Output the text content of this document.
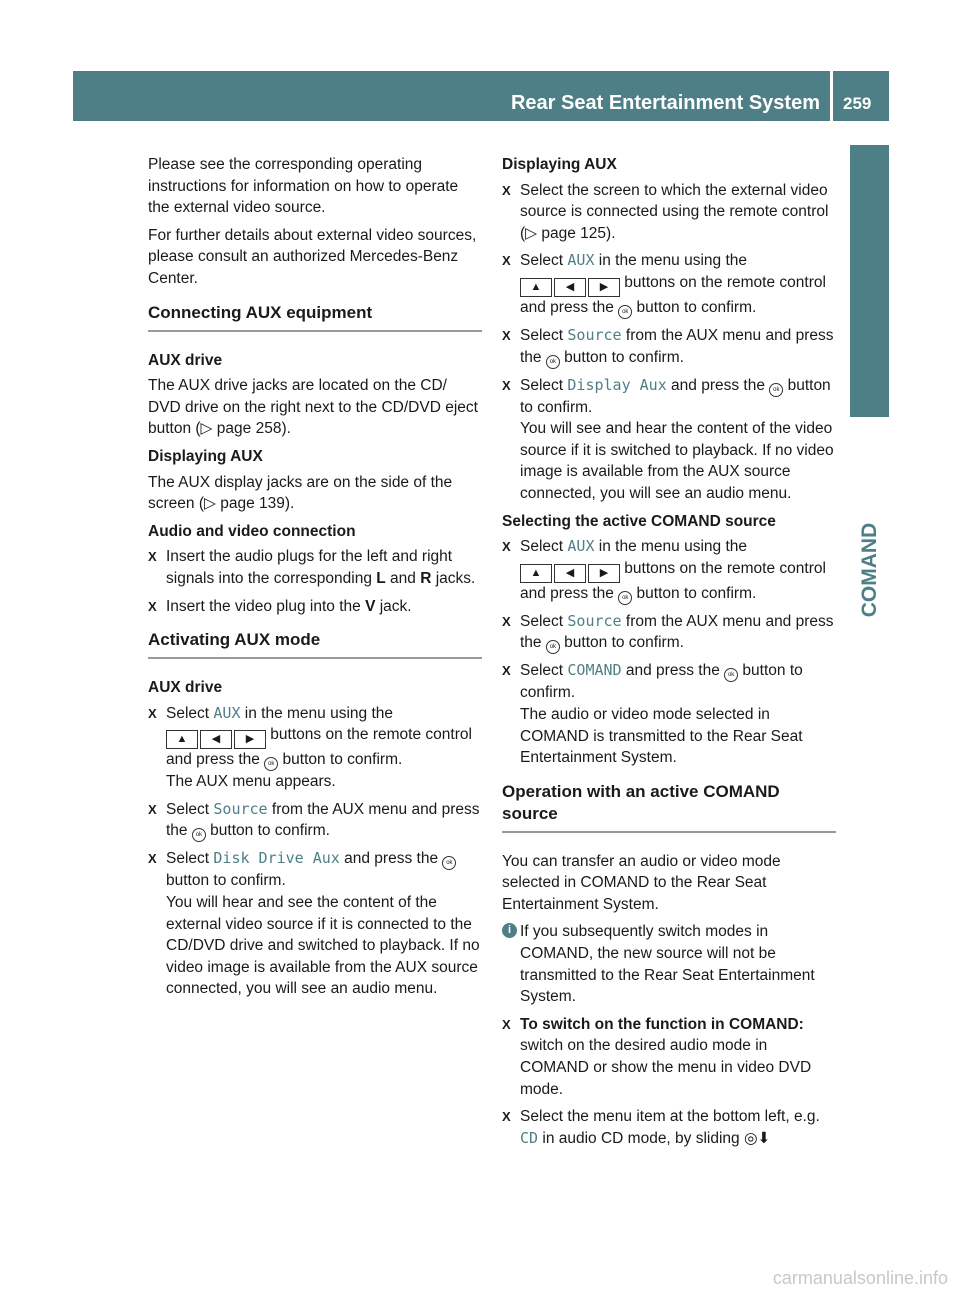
Rear Seat Entertainment System 259
COMAND

Please see the corresponding operating instructions for information on how to operate the external video source.

For further details about external video sources, please consult an authorized Mercedes-Benz Center.

Connecting AUX equipment
AUX drive

The AUX drive jacks are located on the CD/ DVD drive on the right next to the CD/DVD eject button (▷ page 258).

Displaying AUX

The AUX display jacks are on the side of the screen (▷ page 139).

Audio and video connection
X Insert the audio plugs for the left and right signals into the corresponding L and R jacks.
X Insert the video plug into the V jack.
Activating AUX mode
AUX drive
X Select AUX in the menu using the

▲	◀	▶ buttons on the remote control and press the ok button to confirm.
The AUX menu appears.
X Select Source from the AUX menu and press the ok button to confirm.
X Select Disk Drive Aux and press the ok button to confirm.
You will hear and see the content of the external video source if it is connected to the CD/DVD drive and switched to playback. If no video image is available from the AUX source connected, you will see an audio menu.
Displaying AUX
X Select the screen to which the external video source is connected using the remote control (▷ page 125).
X Select AUX in the menu using the

▲	◀	▶ buttons on the remote control and press the ok button to confirm.
X Select Source from the AUX menu and press the ok button to confirm.
X Select Display Aux and press the ok button to confirm.
You will see and hear the content of the video source if it is switched to playback. If no video image is available from the AUX source connected, you will see an audio menu.
Selecting the active COMAND source
X Select AUX in the menu using the

▲	◀	▶ buttons on the remote control and press the ok button to confirm.
X Select Source from the AUX menu and press the ok button to confirm.
X Select COMAND and press the ok button to confirm.
The audio or video mode selected in COMAND is transmitted to the Rear Seat Entertainment System.
Operation with an active COMAND source

You can transfer an audio or video mode selected in COMAND to the Rear Seat Entertainment System.

i If you subsequently switch modes in COMAND, the new source will not be transmitted to the Rear Seat Entertainment System.
X To switch on the function in COMAND: switch on the desired audio mode in COMAND or show the menu in video DVD mode.
X Select the menu item at the bottom left, e.g. CD in audio CD mode, by sliding ◎⬇
carmanualsonline.info
